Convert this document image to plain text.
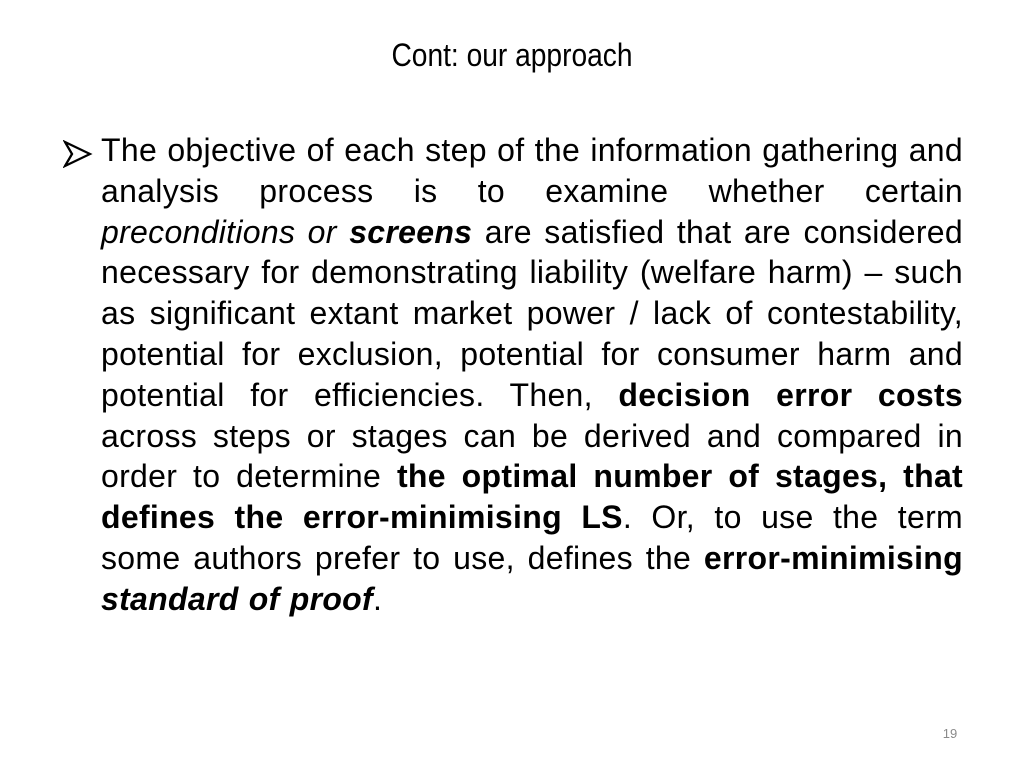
Cont: our approach
The objective of each step of the information gathering and analysis process is to examine whether certain preconditions or screens are satisfied that are considered necessary for demonstrating liability (welfare harm) – such as significant extant market power / lack of contestability, potential for exclusion, potential for consumer harm and potential for efficiencies. Then, decision error costs across steps or stages can be derived and compared in order to determine the optimal number of stages, that defines the error-minimising LS. Or, to use the term some authors prefer to use, defines the error-minimising standard of proof.
19
